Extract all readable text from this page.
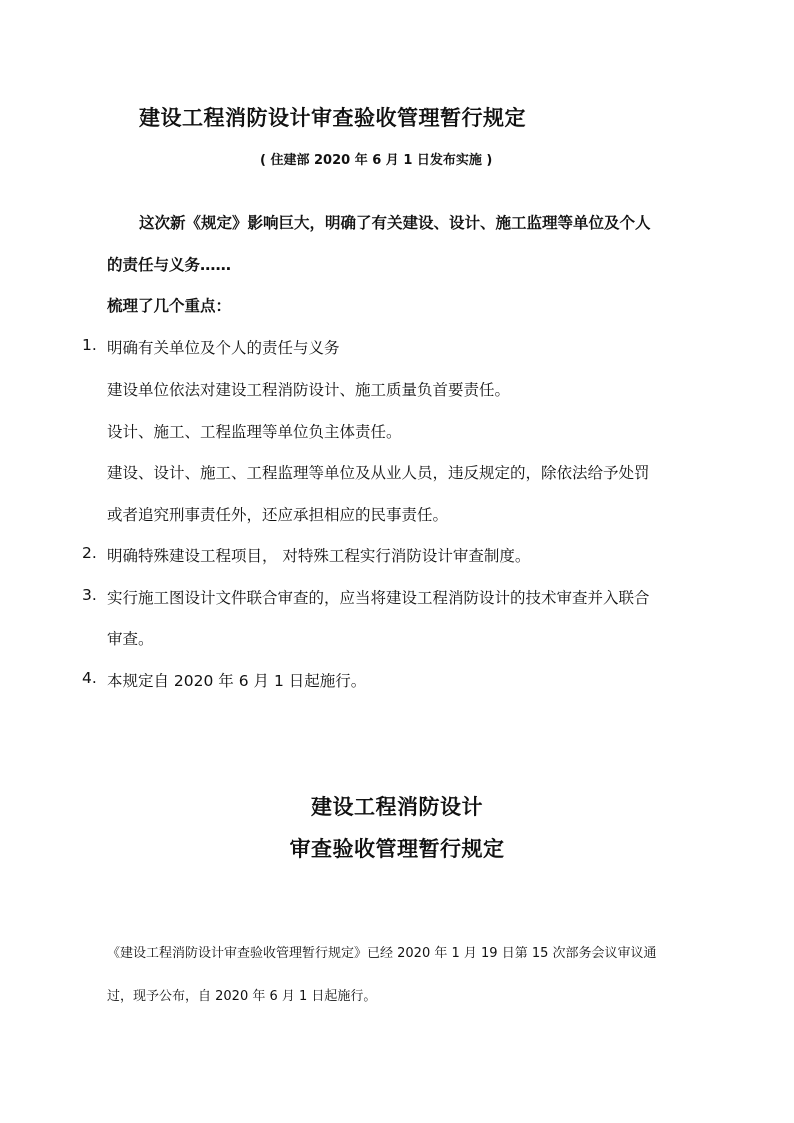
建设工程消防设计审查验收管理暂行规定
( 住建部 2020 年 6 月 1 日发布实施 )
这次新《规定》影响巨大，明确了有关建设、设计、施工监理等单位及个人
的责任与义务……
梳理了几个重点：
1. 明确有关单位及个人的责任与义务
建设单位依法对建设工程消防设计、施工质量负首要责任。
设计、施工、工程监理等单位负主体责任。
建设、设计、施工、工程监理等单位及从业人员，违反规定的，除依法给予处罚
或者追究刑事责任外，还应承担相应的民事责任。
2. 明确特殊建设工程项目， 对特殊工程实行消防设计审查制度。
3. 实行施工图设计文件联合审查的，应当将建设工程消防设计的技术审查并入联合
审查。
4. 本规定自 2020 年 6 月 1 日起施行。
建设工程消防设计
审查验收管理暂行规定
《建设工程消防设计审查验收管理暂行规定》已经 2020 年 1 月 19 日第 15 次部务会议审议通
过，现予公布，自 2020 年 6 月 1 日起施行。
